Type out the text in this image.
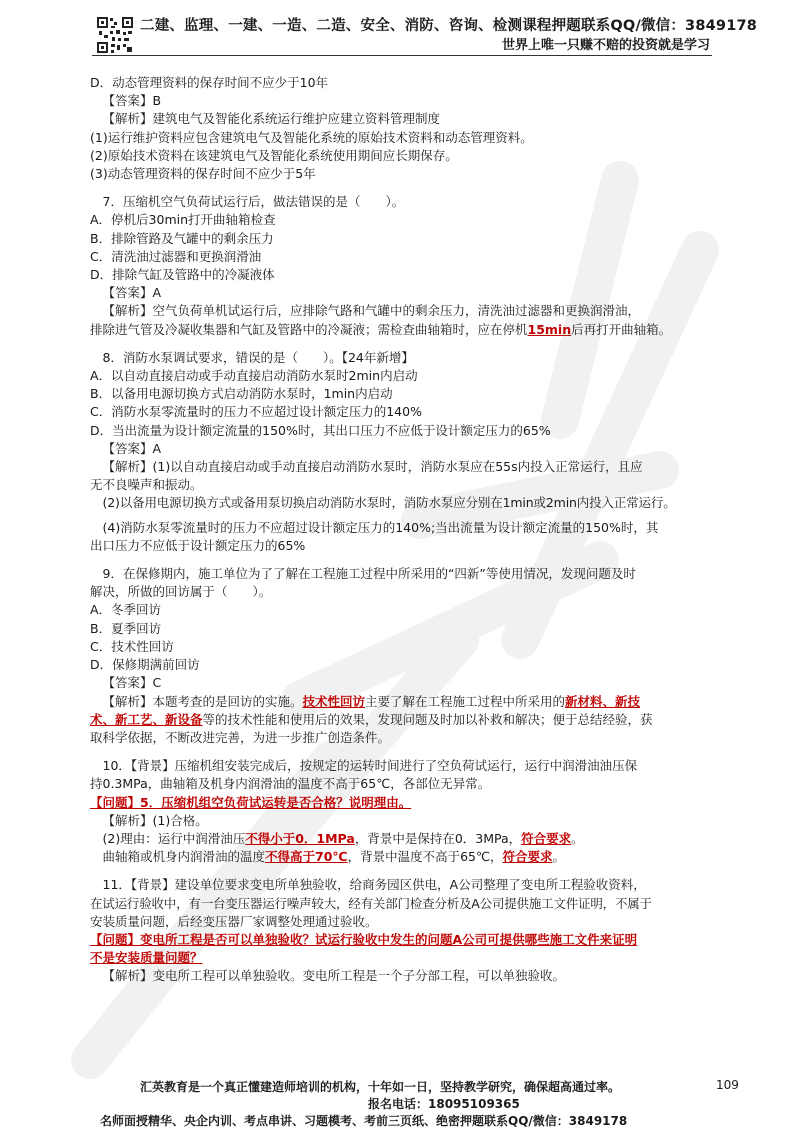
二建、监理、一建、一造、二造、安全、消防、咨询、检测课程押题联系QQ/微信：3849178
世界上唯一只赚不赔的投资就是学习

D．动态管理资料的保存时间不应少于10年

【答案】B

【解析】建筑电气及智能化系统运行维护应建立资料管理制度

(1)运行维护资料应包含建筑电气及智能化系统的原始技术资料和动态管理资料。

(2)原始技术资料在该建筑电气及智能化系统使用期间应长期保存。

(3)动态管理资料的保存时间不应少于5年

7．压缩机空气负荷试运行后，做法错误的是（　　）。

A．停机后30min打开曲轴箱检查

B．排除管路及气罐中的剩余压力

C．清洗油过滤器和更换润滑油

D．排除气缸及管路中的冷凝液体

【答案】A

【解析】空气负荷单机试运行后，应排除气路和气罐中的剩余压力，清洗油过滤器和更换润滑油，

排除进气管及冷凝收集器和气缸及管路中的冷凝液；需检查曲轴箱时，应在停机15min后再打开曲轴箱。

8．消防水泵调试要求，错误的是（　　）。【24年新增】

A．以自动直接启动或手动直接启动消防水泵时2min内启动

B．以备用电源切换方式启动消防水泵时，1min内启动

C．消防水泵零流量时的压力不应超过设计额定压力的140%

D．当出流量为设计额定流量的150%时，其出口压力不应低于设计额定压力的65%

【答案】A

【解析】(1)以自动直接启动或手动直接启动消防水泵时，消防水泵应在55s内投入正常运行，且应

无不良噪声和振动。

(2)以备用电源切换方式或备用泵切换启动消防水泵时，消防水泵应分别在1min或2min内投入正常运行。

(4)消防水泵零流量时的压力不应超过设计额定压力的140%;当出流量为设计额定流量的150%时，其

出口压力不应低于设计额定压力的65%

9．在保修期内，施工单位为了了解在工程施工过程中所采用的“四新”等使用情况，发现问题及时

解决，所做的回访属于（　　）。

A．冬季回访

B．夏季回访

C．技术性回访

D．保修期满前回访

【答案】C

【解析】本题考查的是回访的实施。技术性回访主要了解在工程施工过程中所采用的新材料、新技

术、新工艺、新设备等的技术性能和使用后的效果，发现问题及时加以补救和解决；便于总结经验，获

取科学依据，不断改进完善，为进一步推广创造条件。

10．【背景】压缩机组安装完成后，按规定的运转时间进行了空负荷试运行，运行中润滑油油压保

持0.3MPa，曲轴箱及机身内润滑油的温度不高于65℃，各部位无异常。

【问题】5．压缩机组空负荷试运转是否合格？说明理由。

【解析】(1)合格。

(2)理由：运行中润滑油压不得小于0．1MPa，背景中是保持在0．3MPa，符合要求。

曲轴箱或机身内润滑油的温度不得高于70℃，背景中温度不高于65℃，符合要求。

11．【背景】建设单位要求变电所单独验收，给商务园区供电，A公司整理了变电所工程验收资料，

在试运行验收中，有一台变压器运行噪声较大，经有关部门检查分析及A公司提供施工文件证明，不属于

安装质量问题，后经变压器厂家调整处理通过验收。

【问题】变电所工程是否可以单独验收？试运行验收中发生的问题A公司可提供哪些施工文件来证明

不是安装质量问题？

【解析】变电所工程可以单独验收。变电所工程是一个子分部工程，可以单独验收。

汇英教育是一个真正懂建造师培训的机构，十年如一日，坚持教学研究，确保超高通过率。	109
报名电话：18095109365
名师面授精华、央企内训、考点串讲、习题模考、考前三页纸、绝密押题联系QQ/微信：3849178
